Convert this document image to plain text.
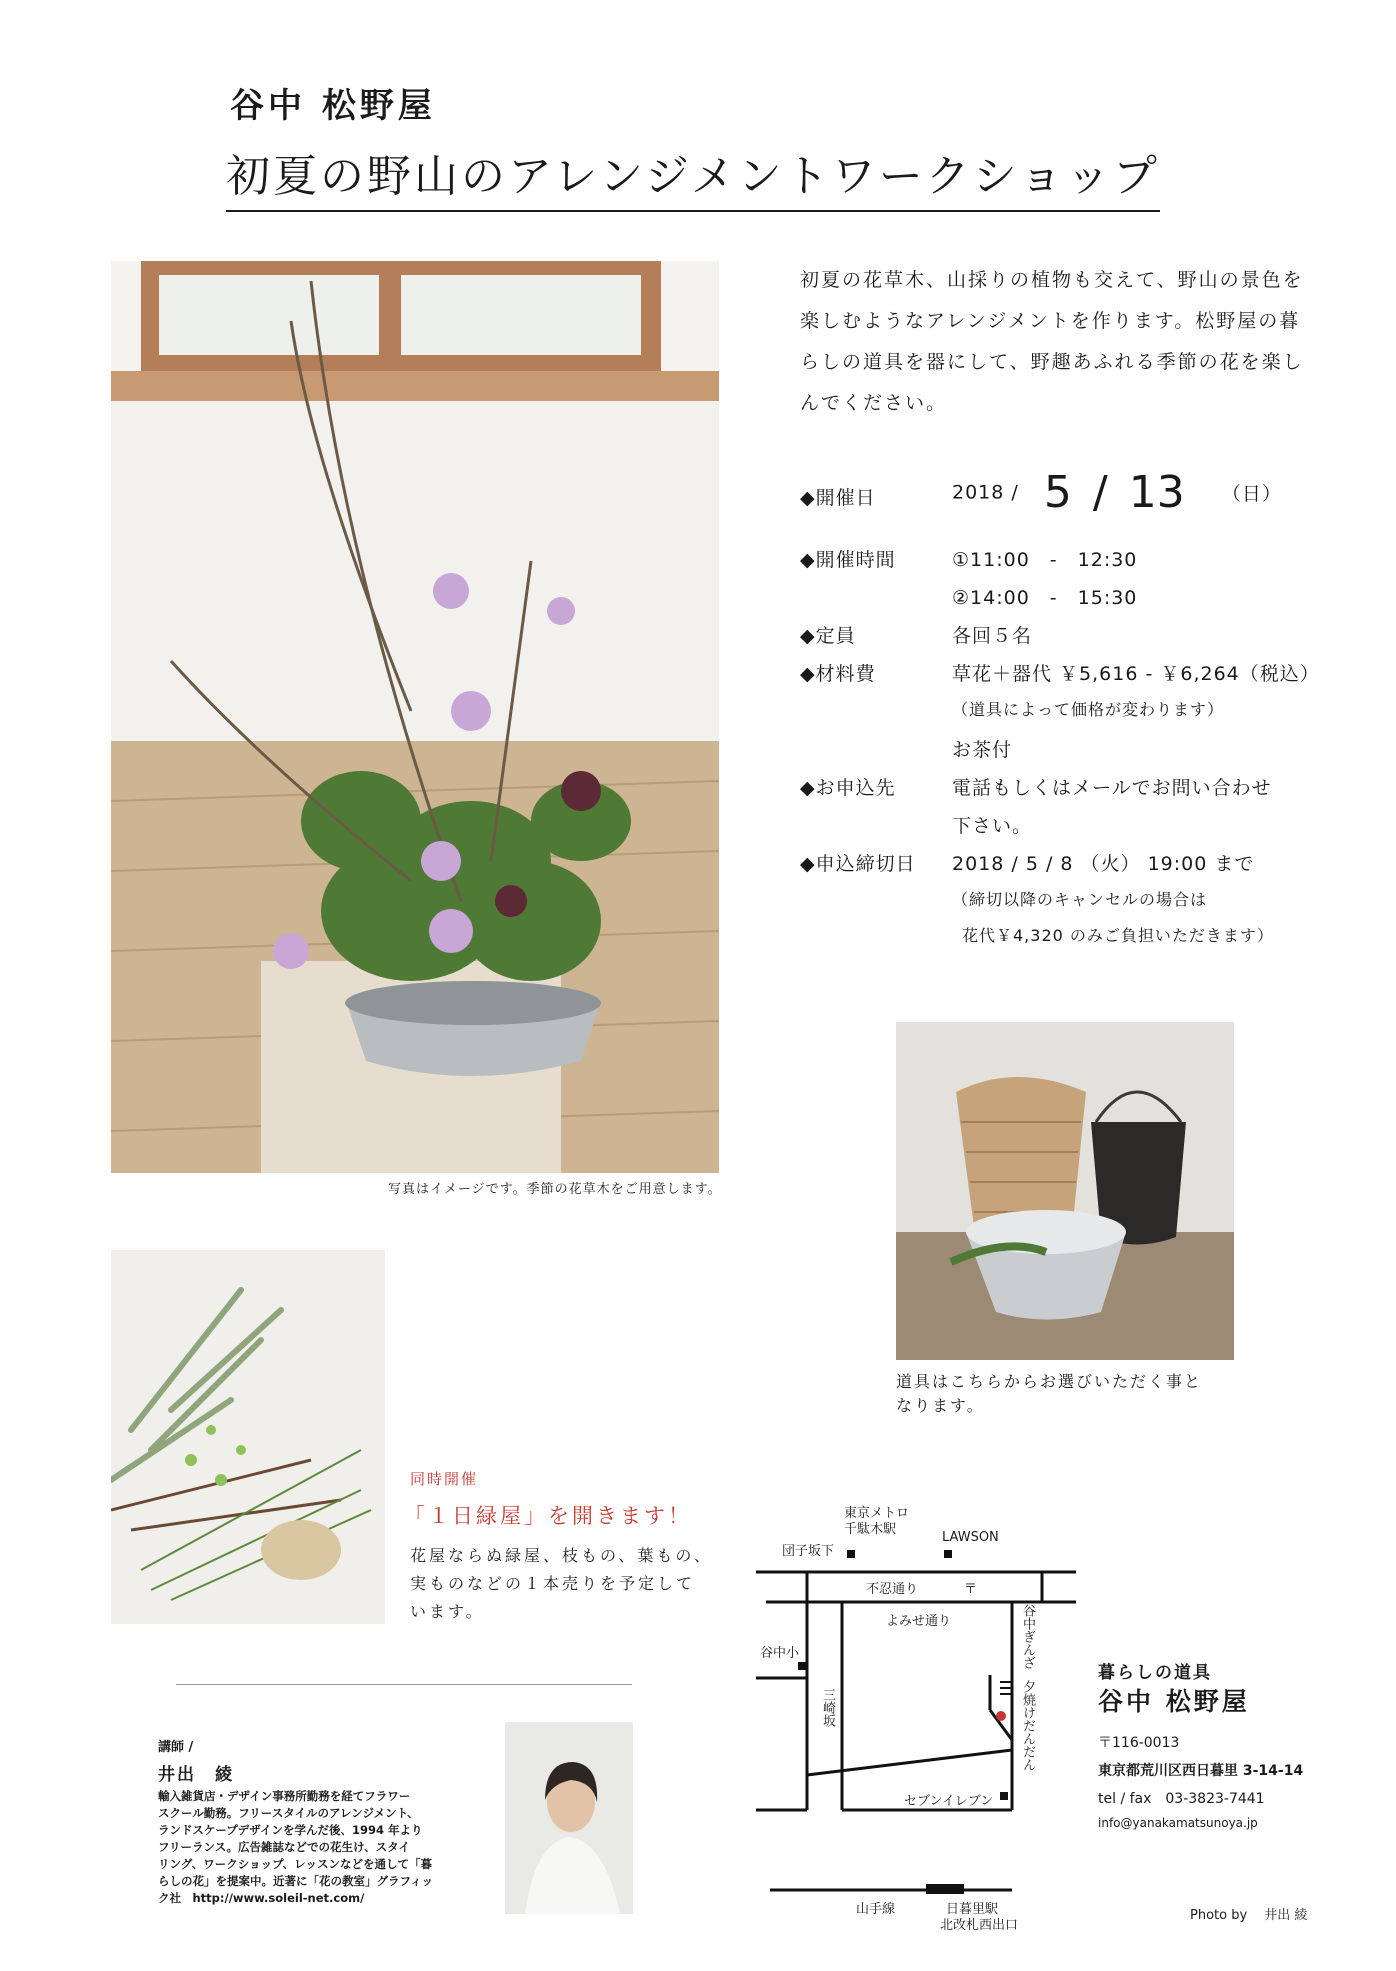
谷中 松野屋
初夏の野山のアレンジメントワークショップ
写真はイメージです。季節の花草木をご用意します。
初夏の花草木、山採りの植物も交えて、野山の景色を楽しむようなアレンジメントを作ります。松野屋の暮らしの道具を器にして、野趣あふれる季節の花を楽しんでください。
◆開催日	2018 / 5 / 13 （日）
◆開催時間	①11:00　-　12:30
②14:00　-　15:30
◆定員	各回５名
◆材料費	草花＋器代 ￥5,616 - ￥6,264（税込）
（道具によって価格が変わります）
お茶付
◆お申込先	電話もしくはメールでお問い合わせ
下さい。
◆申込締切日 2018 / 5 / 8 （火） 19:00 まで
（締切以降のキャンセルの場合は
花代￥4,320 のみご負担いただきます）
道具はこちらからお選びいただく事と
なります。
同時開催
「１日緑屋」を開きます！
花屋ならぬ緑屋、枝もの、葉もの、
実ものなどの１本売りを予定して
います。
講師 /
井出　綾
輸入雑貨店・デザイン事務所勤務を経てフラワー
スクール勤務。フリースタイルのアレンジメント、
ランドスケープデザインを学んだ後、1994 年より
フリーランス。広告雑誌などでの花生け、スタイ
リング、ワークショップ、レッスンなどを通して「暮
らしの花」を提案中。近著に「花の教室」グラフィッ
ク社　http://www.soleil-net.com/
東京メトロ
千駄木駅
団子坂下
LAWSON
不忍通り	〒
よみせ通り	谷中ぎんざ
谷中小
三崎坂	夕焼けだんだん
セブンイレブン
山手線	日暮里駅
北改札西出口
暮らしの道具
谷中 松野屋
〒116-0013
東京都荒川区西日暮里 3-14-14
tel / fax　03-3823-7441
info@yanakamatsunoya.jp
Photo by　 井出 綾
